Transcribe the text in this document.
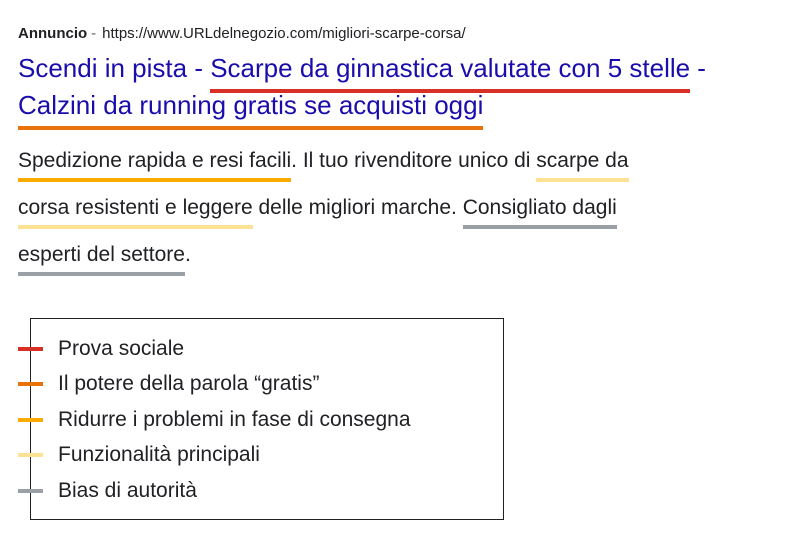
Annuncio - https://www.URLdelnegozio.com/migliori-scarpe-corsa/
Scendi in pista - Scarpe da ginnastica valutate con 5 stelle -
Calzini da running gratis se acquisti oggi
Spedizione rapida e resi facili. Il tuo rivenditore unico di scarpe da
corsa resistenti e leggere delle migliori marche. Consigliato dagli
esperti del settore.
Prova sociale
Il potere della parola “gratis”
Ridurre i problemi in fase di consegna
Funzionalità principali
Bias di autorità
